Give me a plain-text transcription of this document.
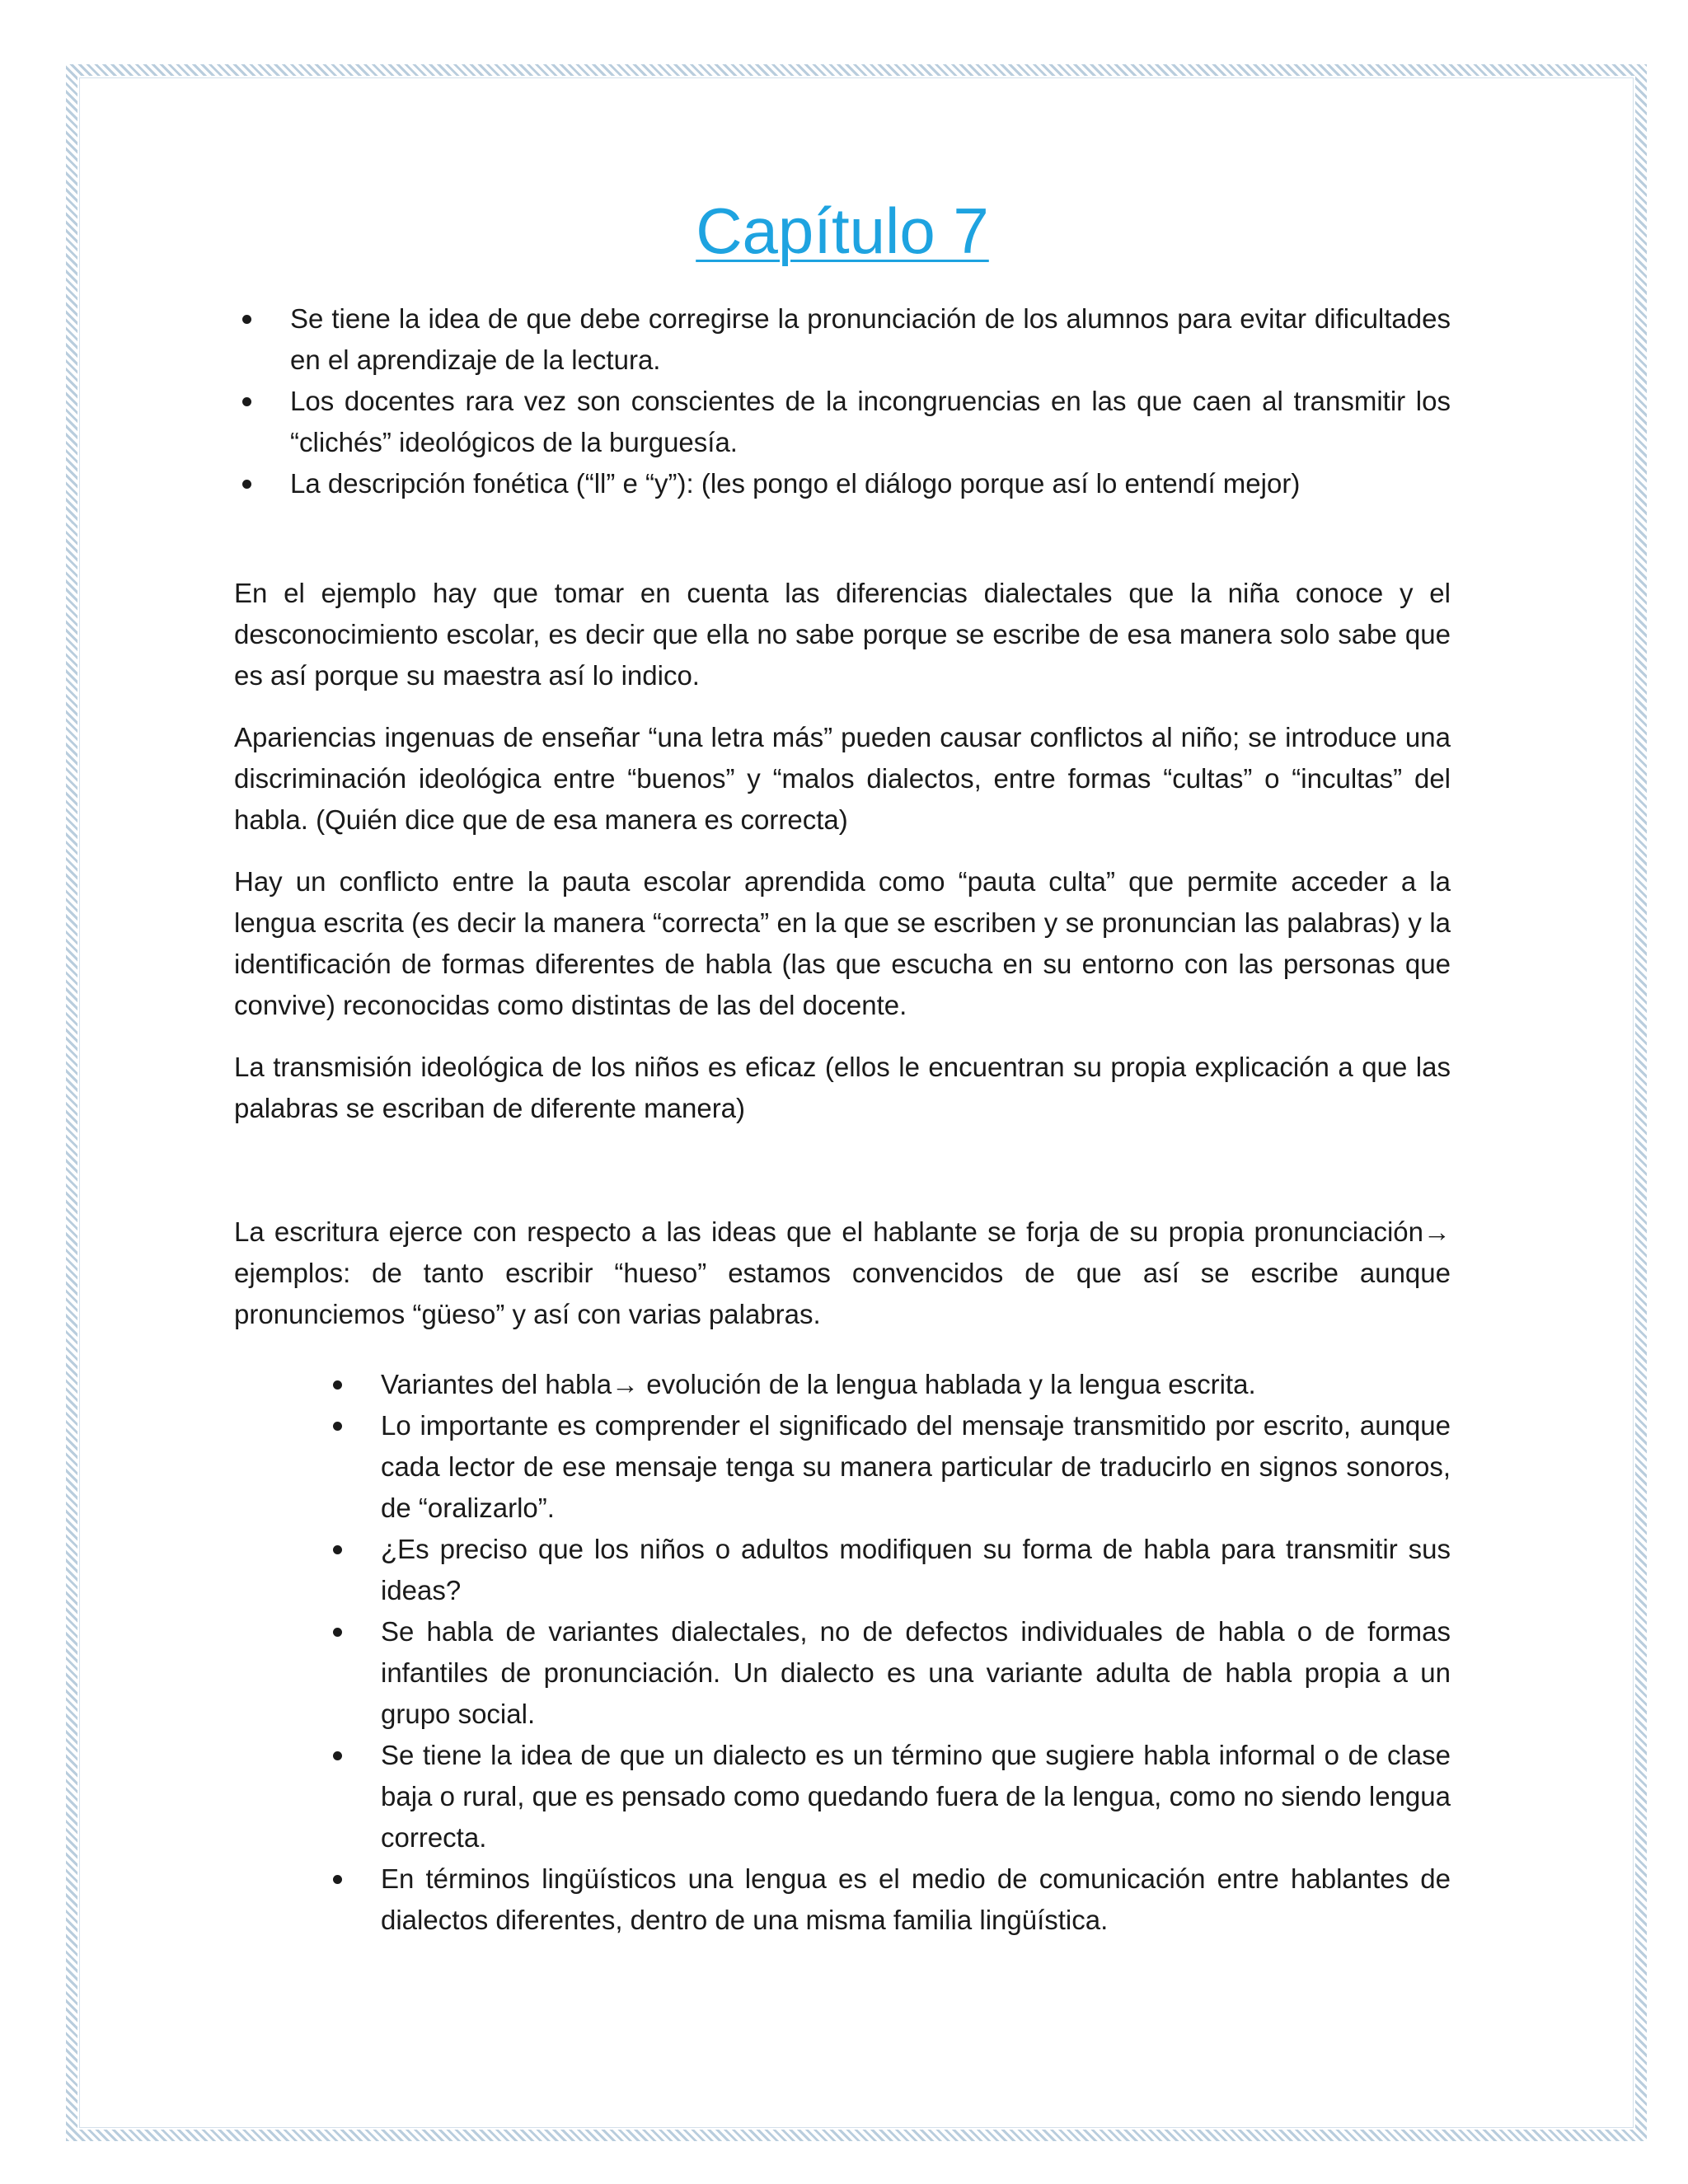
Capítulo 7
Se tiene la idea de que debe corregirse la pronunciación de los alumnos para evitar dificultades en el aprendizaje de la lectura.
Los docentes rara vez son conscientes de la incongruencias en las que caen al transmitir los “clichés” ideológicos de la burguesía.
La descripción fonética (“ll” e “y”): (les pongo el diálogo porque así lo entendí mejor)

En el ejemplo hay que tomar en cuenta las diferencias dialectales que la niña conoce y el desconocimiento escolar, es decir que ella no sabe porque se escribe de esa manera solo sabe que es así porque su maestra así lo indico.

Apariencias ingenuas de enseñar “una letra más” pueden causar conflictos al niño; se introduce una discriminación ideológica entre “buenos” y “malos dialectos, entre formas “cultas” o “incultas” del habla. (Quién dice que de esa manera es correcta)

Hay un conflicto entre la pauta escolar aprendida como “pauta culta” que permite acceder a la lengua escrita (es decir la manera “correcta” en la que se escriben y se pronuncian las palabras) y la identificación de formas diferentes de habla (las que escucha en su entorno con las personas que convive) reconocidas como distintas de las del docente.

La transmisión ideológica de los niños es eficaz (ellos le encuentran su propia explicación a que las palabras se escriban de diferente manera)

La escritura ejerce con respecto a las ideas que el hablante se forja de su propia pronunciación→ ejemplos: de tanto escribir “hueso” estamos convencidos de que así se escribe aunque pronunciemos “güeso” y así con varias palabras.

Variantes del habla→ evolución de la lengua hablada y la lengua escrita.
Lo importante es comprender el significado del mensaje transmitido por escrito, aunque cada lector de ese mensaje tenga su manera particular de traducirlo en signos sonoros, de “oralizarlo”.
¿Es preciso que los niños o adultos modifiquen su forma de habla para transmitir sus ideas?
Se habla de variantes dialectales, no de defectos individuales de habla o de formas infantiles de pronunciación. Un dialecto es una variante adulta de habla propia a un grupo social.
Se tiene la idea de que un dialecto es un término que sugiere habla informal o de clase baja o rural, que es pensado como quedando fuera de la lengua, como no siendo lengua correcta.
En términos lingüísticos una lengua es el medio de comunicación entre hablantes de dialectos diferentes, dentro de una misma familia lingüística.
